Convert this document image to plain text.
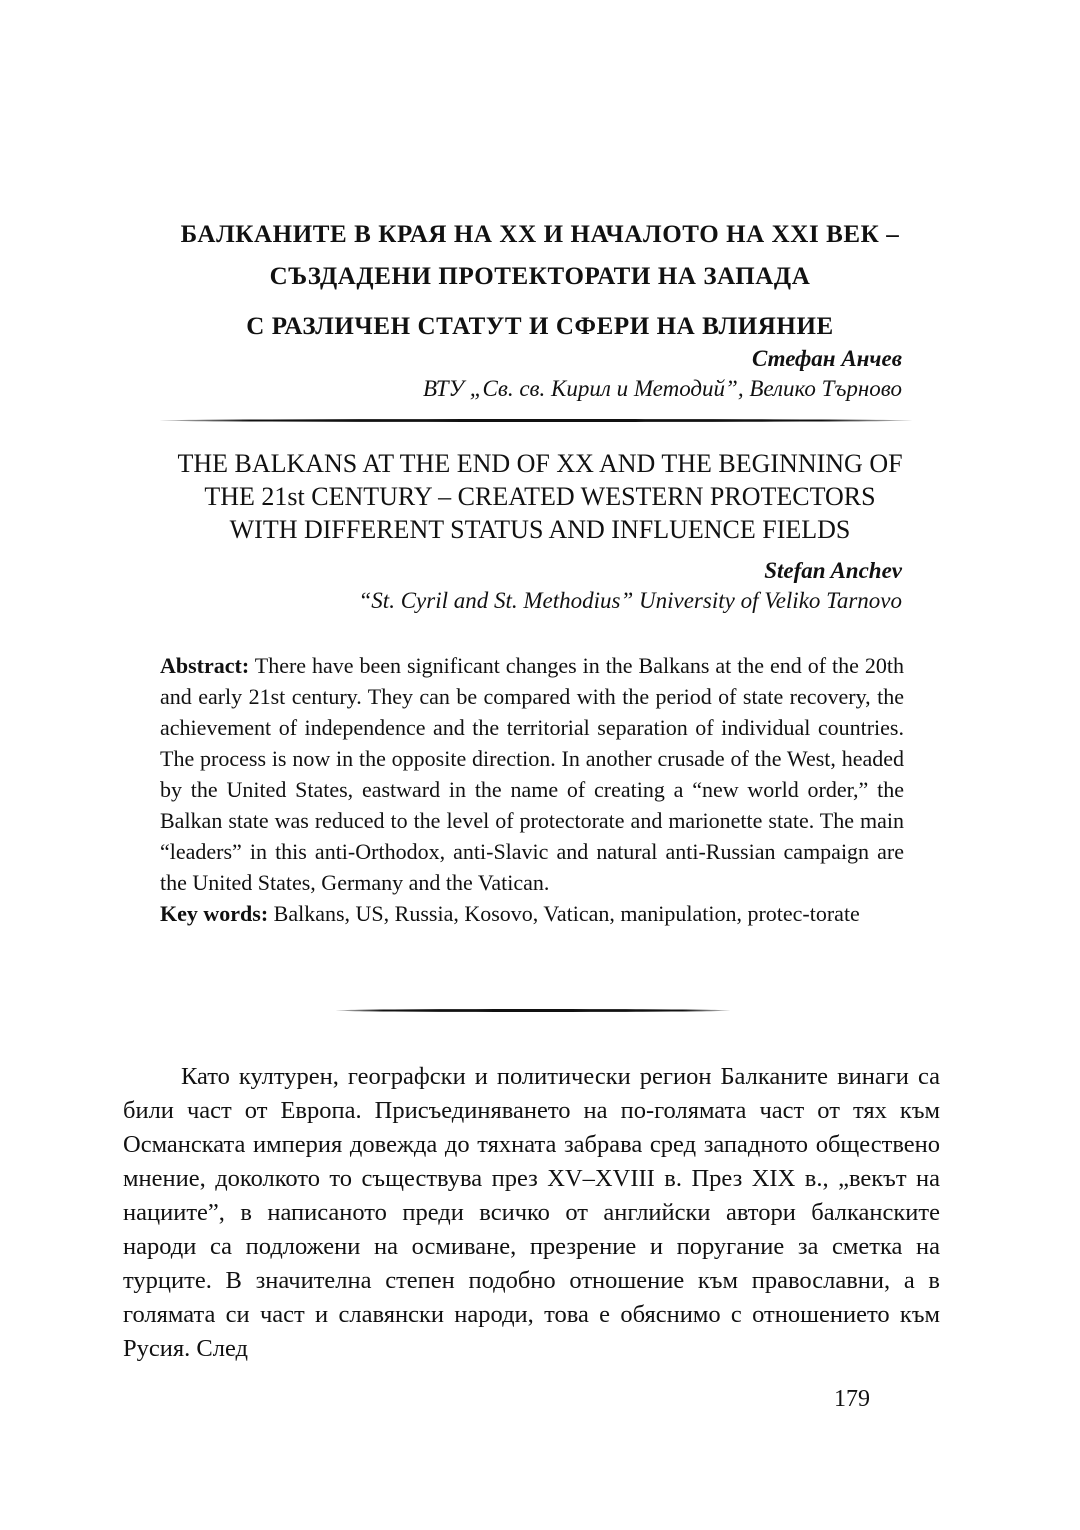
БАЛКАНИТЕ В КРАЯ НА XX И НАЧАЛОТО НА XXI ВЕК –
СЪЗДАДЕНИ ПРОТЕКТОРАТИ НА ЗАПАДА
С РАЗЛИЧЕН СТАТУТ И СФЕРИ НА ВЛИЯНИЕ
Стефан Анчев
ВТУ „Св. св. Кирил и Методий”, Велико Търново
THE BALKANS AT THE END OF XX AND THE BEGINNING OF
THE 21st CENTURY – CREATED WESTERN PROTECTORS
WITH DIFFERENT STATUS AND INFLUENCE FIELDS
Stefan Anchev
“St. Cyril and St. Methodius” University of Veliko Tarnovo

Abstract: There have been significant changes in the Balkans at the end of the 20th and early 21st century. They can be compared with the period of state recovery, the achievement of independence and the territorial separation of individual countries. The process is now in the opposite direction. In another crusade of the West, headed by the United States, eastward in the name of creating a “new world order,” the Balkan state was reduced to the level of protectorate and marionette state. The main “leaders” in this anti-Orthodox, anti-Slavic and natural anti-Russian campaign are the United States, Germany and the Vatican.

Key words: Balkans, US, Russia, Kosovo, Vatican, manipulation, protec-torate

Като културен, географски и политически регион Балканите винаги са били част от Европа. Присъединяването на по-голямата част от тях към Османската империя довежда до тяхната забрава сред западното обществено мнение, доколкото то съществува през XV–XVIII в. През XIX в., „векът на нациите”, в написаното преди всичко от английски автори балканските народи са подложени на осмиване, презрение и поругание за сметка на турците. В значителна степен подобно отношение към православни, а в голямата си част и славянски народи, това е обяснимо с отношението към Русия. След
179
